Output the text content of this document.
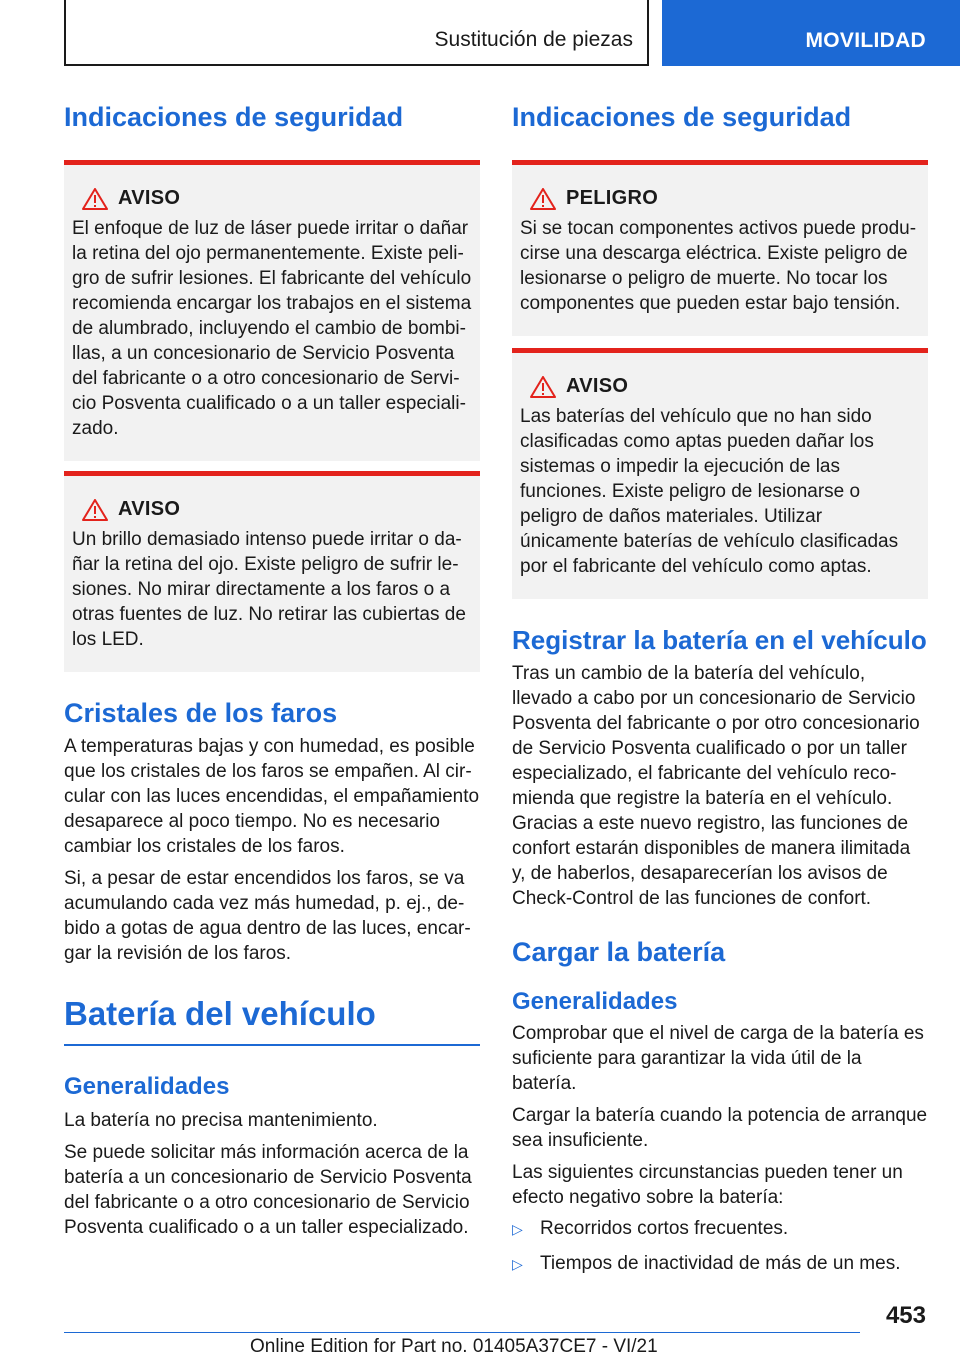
Sustitución de piezas	MOVILIDAD
Indicaciones de seguridad
AVISO

El enfoque de luz de láser puede irritar o dañar la retina del ojo permanentemente. Existe peligro de sufrir lesiones. El fabricante del vehículo recomienda encargar los trabajos en el sistema de alumbrado, incluyendo el cambio de bombillas, a un concesionario de Servicio Posventa del fabricante o a otro concesionario de Servicio Posventa cualificado o a un taller especializado.

AVISO

Un brillo demasiado intenso puede irritar o dañar la retina del ojo. Existe peligro de sufrir lesiones. No mirar directamente a los faros o a otras fuentes de luz. No retirar las cubiertas de los LED.

Cristales de los faros

A temperaturas bajas y con humedad, es posible que los cristales de los faros se empañen. Al circular con las luces encendidas, el empañamiento desaparece al poco tiempo. No es necesario cambiar los cristales de los faros.

Si, a pesar de estar encendidos los faros, se va acumulando cada vez más humedad, p. ej., debido a gotas de agua dentro de las luces, encargar la revisión de los faros.

Batería del vehículo
Generalidades

La batería no precisa mantenimiento.

Se puede solicitar más información acerca de la batería a un concesionario de Servicio Posventa del fabricante o a otro concesionario de Servicio Posventa cualificado o a un taller especializado.

Indicaciones de seguridad
PELIGRO

Si se tocan componentes activos puede producirse una descarga eléctrica. Existe peligro de lesionarse o peligro de muerte. No tocar los componentes que pueden estar bajo tensión.

AVISO

Las baterías del vehículo que no han sido clasificadas como aptas pueden dañar los sistemas o impedir la ejecución de las funciones. Existe peligro de lesionarse o peligro de daños materiales. Utilizar únicamente baterías de vehículo clasificadas por el fabricante del vehículo como aptas.

Registrar la batería en el vehículo

Tras un cambio de la batería del vehículo, llevado a cabo por un concesionario de Servicio Posventa del fabricante o por otro concesionario de Servicio Posventa cualificado o por un taller especializado, el fabricante del vehículo recomienda que registre la batería en el vehículo. Gracias a este nuevo registro, las funciones de confort estarán disponibles de manera ilimitada y, de haberlos, desaparecerían los avisos de Check-Control de las funciones de confort.

Cargar la batería
Generalidades

Comprobar que el nivel de carga de la batería es suficiente para garantizar la vida útil de la batería.

Cargar la batería cuando la potencia de arranque sea insuficiente.

Las siguientes circunstancias pueden tener un efecto negativo sobre la batería:

▷ Recorridos cortos frecuentes.
▷ Tiempos de inactividad de más de un mes.
453
Online Edition for Part no. 01405A37CE7 - VI/21
